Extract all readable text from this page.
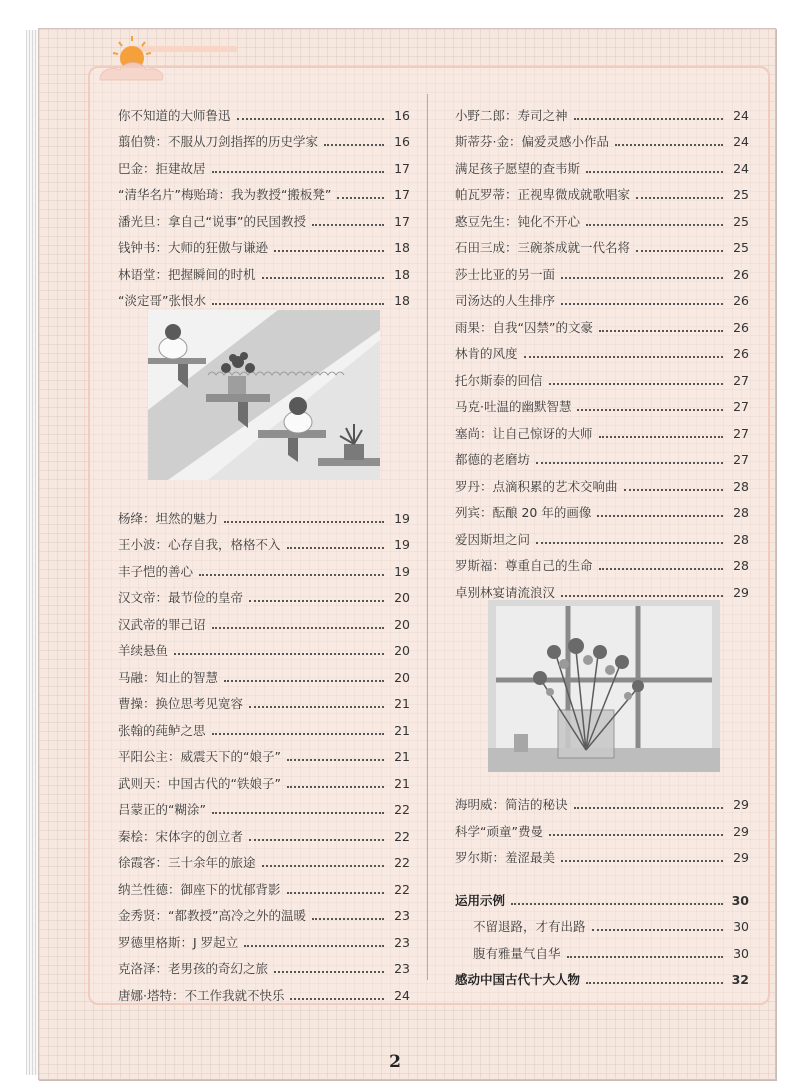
你不知道的大师鲁迅	16
翦伯赞：不服从刀剑指挥的历史学家	16
巴金：拒建故居	17
“清华名片”梅贻琦：我为教授“搬板凳”	17
潘光旦：拿自己“说事”的民国教授	17
钱钟书：大师的狂傲与谦逊	18
林语堂：把握瞬间的时机	18
“淡定哥”张恨水	18
杨绛：坦然的魅力	19
王小波：心存自我，格格不入	19
丰子恺的善心	19
汉文帝：最节俭的皇帝	20
汉武帝的罪己诏	20
羊续悬鱼	20
马融：知止的智慧	20
曹操：换位思考见宽容	21
张翰的莼鲈之思	21
平阳公主：威震天下的“娘子”	21
武则天：中国古代的“铁娘子”	21
吕蒙正的“糊涂”	22
秦桧：宋体字的创立者	22
徐霞客：三十余年的旅途	22
纳兰性德：御座下的忧郁背影	22
金秀贤：“都教授”高冷之外的温暖	23
罗德里格斯：J 罗起立	23
克洛泽：老男孩的奇幻之旅	23
唐娜·塔特：不工作我就不快乐	24
小野二郎：寿司之神	24
斯蒂芬·金：偏爱灵感小作品	24
满足孩子愿望的查韦斯	24
帕瓦罗蒂：正视卑微成就歌唱家	25
憨豆先生：钝化不开心	25
石田三成：三碗茶成就一代名将	25
莎士比亚的另一面	26
司汤达的人生排序	26
雨果：自我“囚禁”的文豪	26
林肯的风度	26
托尔斯泰的回信	27
马克·吐温的幽默智慧	27
塞尚：让自己惊讶的大师	27
都德的老磨坊	27
罗丹：点滴积累的艺术交响曲	28
列宾：酝酿 20 年的画像	28
爱因斯坦之问	28
罗斯福：尊重自己的生命	28
卓别林宴请流浪汉	29
海明威：简洁的秘诀	29
科学“顽童”费曼	29
罗尔斯：羞涩最美	29
运用示例	30
不留退路，才有出路	30
腹有雅量气自华	30
感动中国古代十大人物	32
2
